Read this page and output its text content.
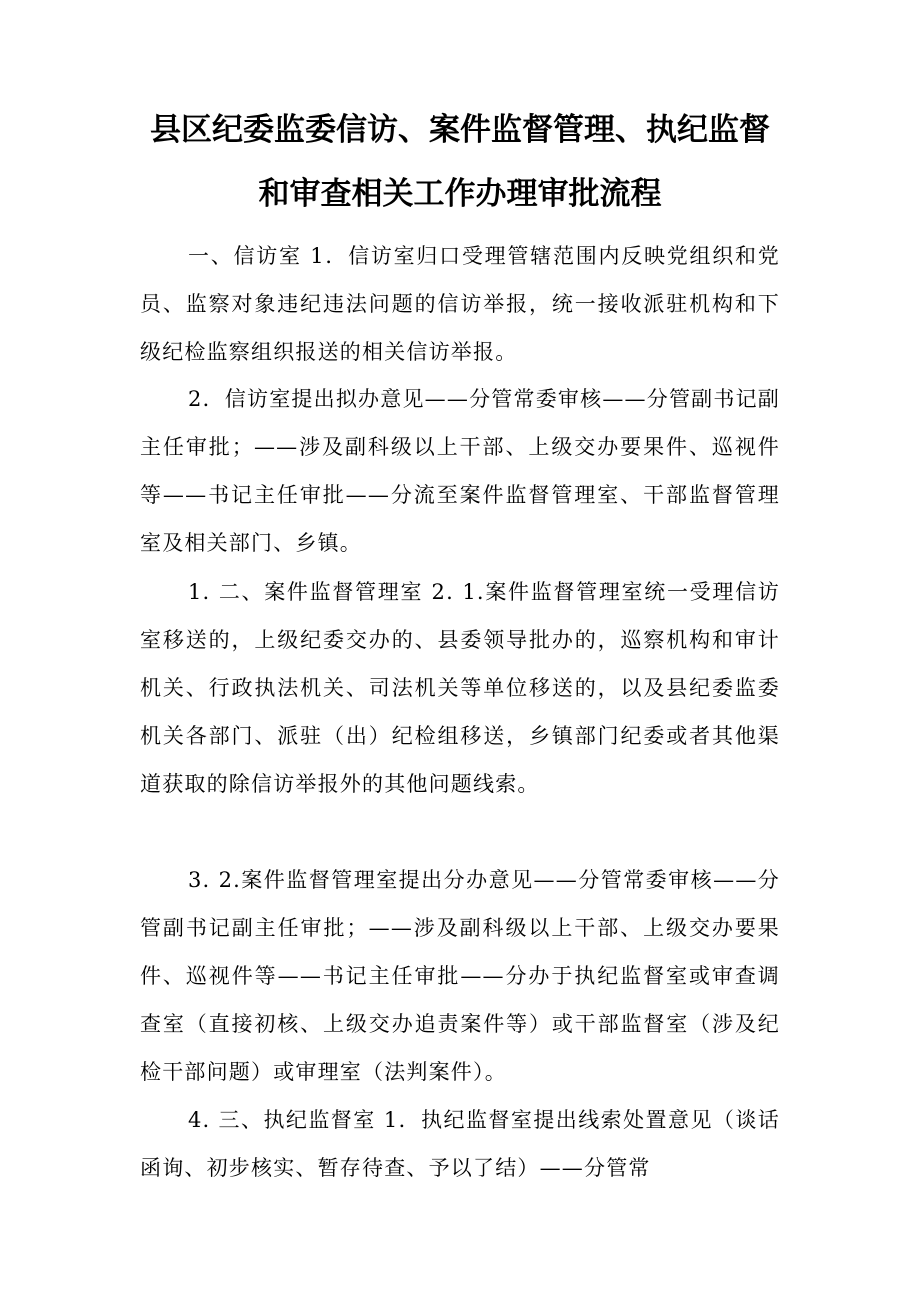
县区纪委监委信访、案件监督管理、执纪监督
和审查相关工作办理审批流程

一、信访室 1．信访室归口受理管辖范围内反映党组织和党员、监察对象违纪违法问题的信访举报，统一接收派驻机构和下级纪检监察组织报送的相关信访举报。

2．信访室提出拟办意见——分管常委审核——分管副书记副主任审批；——涉及副科级以上干部、上级交办要果件、巡视件等——书记主任审批——分流至案件监督管理室、干部监督管理室及相关部门、乡镇。

1. 二、案件监督管理室 2. 1.案件监督管理室统一受理信访室移送的，上级纪委交办的、县委领导批办的，巡察机构和审计机关、行政执法机关、司法机关等单位移送的，以及县纪委监委机关各部门、派驻（出）纪检组移送，乡镇部门纪委或者其他渠道获取的除信访举报外的其他问题线索。

3. 2.案件监督管理室提出分办意见——分管常委审核——分管副书记副主任审批；——涉及副科级以上干部、上级交办要果件、巡视件等——书记主任审批——分办于执纪监督室或审查调查室（直接初核、上级交办追责案件等）或干部监督室（涉及纪检干部问题）或审理室（法判案件）。

4. 三、执纪监督室 1．执纪监督室提出线索处置意见（谈话函询、初步核实、暂存待查、予以了结）——分管常
